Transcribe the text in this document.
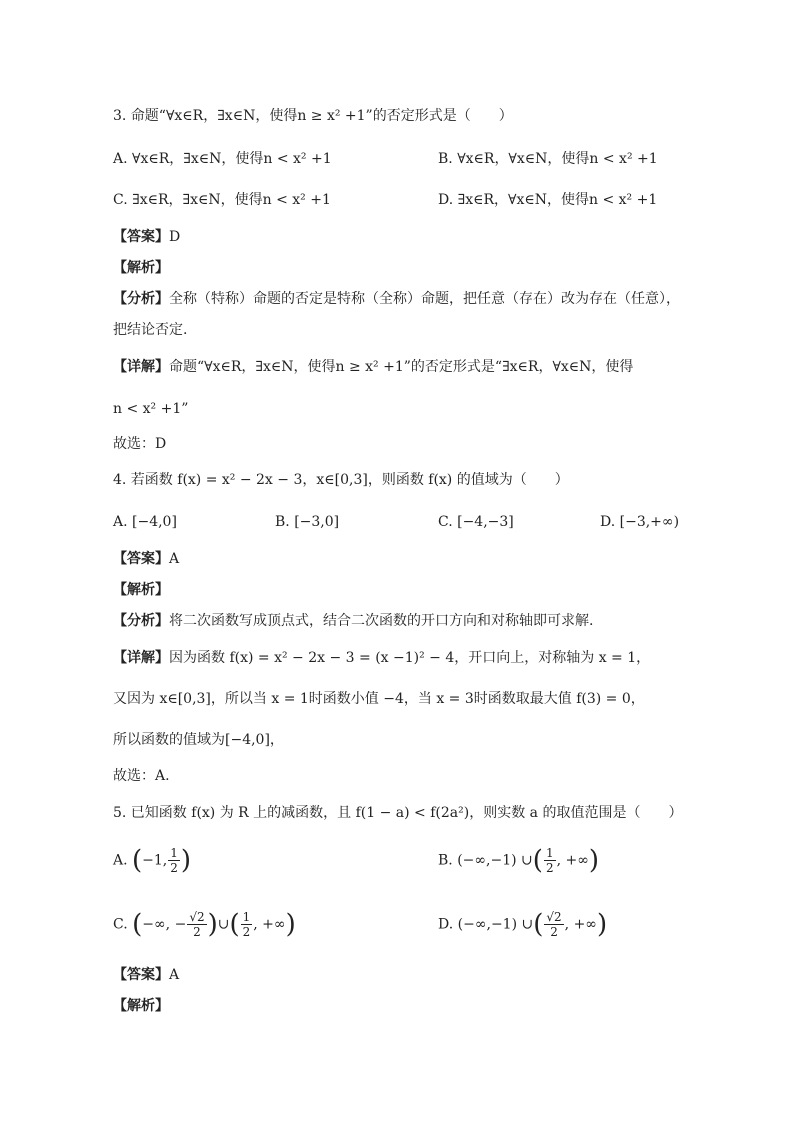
3. 命题“∀x∈R，∃x∈N，使得n ≥ x² +1”的否定形式是（　　）
A. ∀x∈R，∃x∈N，使得n < x² +1	B. ∀x∈R，∀x∈N，使得n < x² +1
C. ∃x∈R，∃x∈N，使得n < x² +1	D. ∃x∈R，∀x∈N，使得n < x² +1
【答案】D
【解析】
【分析】全称（特称）命题的否定是特称（全称）命题，把任意（存在）改为存在（任意），
把结论否定.
【详解】命题“∀x∈R，∃x∈N，使得n ≥ x² +1”的否定形式是“∃x∈R，∀x∈N，使得
n < x² +1”
故选：D
4. 若函数 f(x) = x² − 2x − 3，x∈[0,3]，则函数 f(x) 的值域为（　　）
A. [−4,0]	B. [−3,0]	C. [−4,−3]	D. [−3,+∞)
【答案】A
【解析】
【分析】将二次函数写成顶点式，结合二次函数的开口方向和对称轴即可求解.
【详解】因为函数 f(x) = x² − 2x − 3 = (x −1)² − 4，开口向上，对称轴为 x = 1，
又因为 x∈[0,3]，所以当 x = 1时函数小值 −4，当 x = 3时函数取最大值 f(3) = 0，
所以函数的值域为[−4,0]，
故选：A.
5. 已知函数 f(x) 为 R 上的减函数，且 f(1 − a) < f(2a²)，则实数 a 的取值范围是（　　）
A. (−1, $\frac{1}{2}$ )	B. (−∞,−1) ∪( $\frac{1}{2}$ , +∞)
C. (−∞, − $\frac{√2}{2}$ )∪( $\frac{1}{2}$ , +∞)	D. (−∞,−1) ∪( $\frac{√2}{2}$ , +∞)
【答案】A
【解析】
